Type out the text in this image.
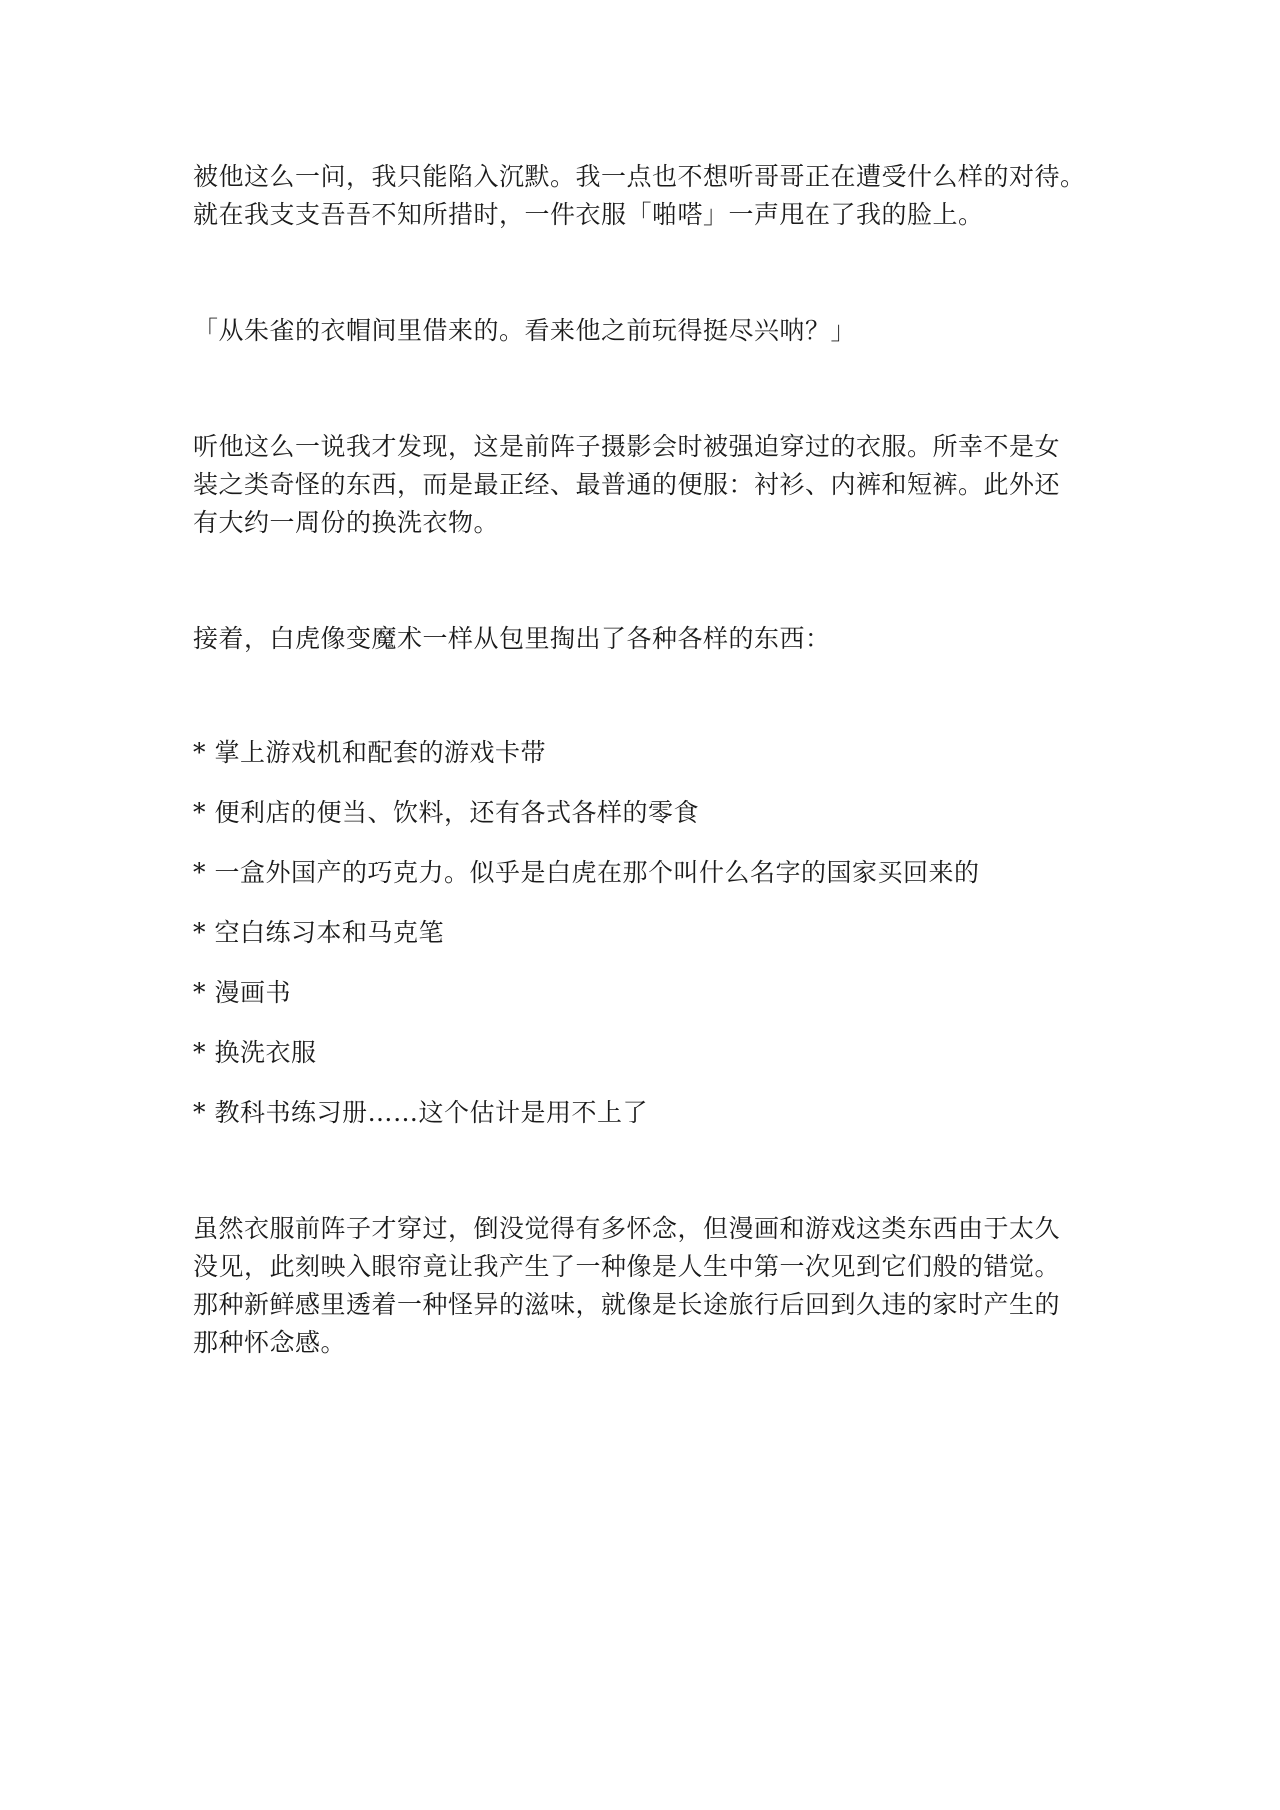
被他这么一问，我只能陷入沉默。我一点也不想听哥哥正在遭受什么样的对待。

就在我支支吾吾不知所措时，一件衣服「啪嗒」一声甩在了我的脸上。

「从朱雀的衣帽间里借来的。看来他之前玩得挺尽兴呐？」

听他这么一说我才发现，这是前阵子摄影会时被强迫穿过的衣服。所幸不是女

装之类奇怪的东西，而是最正经、最普通的便服：衬衫、内裤和短裤。此外还

有大约一周份的换洗衣物。

接着，白虎像变魔术一样从包里掏出了各种各样的东西：

* 掌上游戏机和配套的游戏卡带
* 便利店的便当、饮料，还有各式各样的零食
* 一盒外国产的巧克力。似乎是白虎在那个叫什么名字的国家买回来的
* 空白练习本和马克笔
* 漫画书
* 换洗衣服
* 教科书练习册……这个估计是用不上了

虽然衣服前阵子才穿过，倒没觉得有多怀念，但漫画和游戏这类东西由于太久

没见，此刻映入眼帘竟让我产生了一种像是人生中第一次见到它们般的错觉。

那种新鲜感里透着一种怪异的滋味，就像是长途旅行后回到久违的家时产生的

那种怀念感。
